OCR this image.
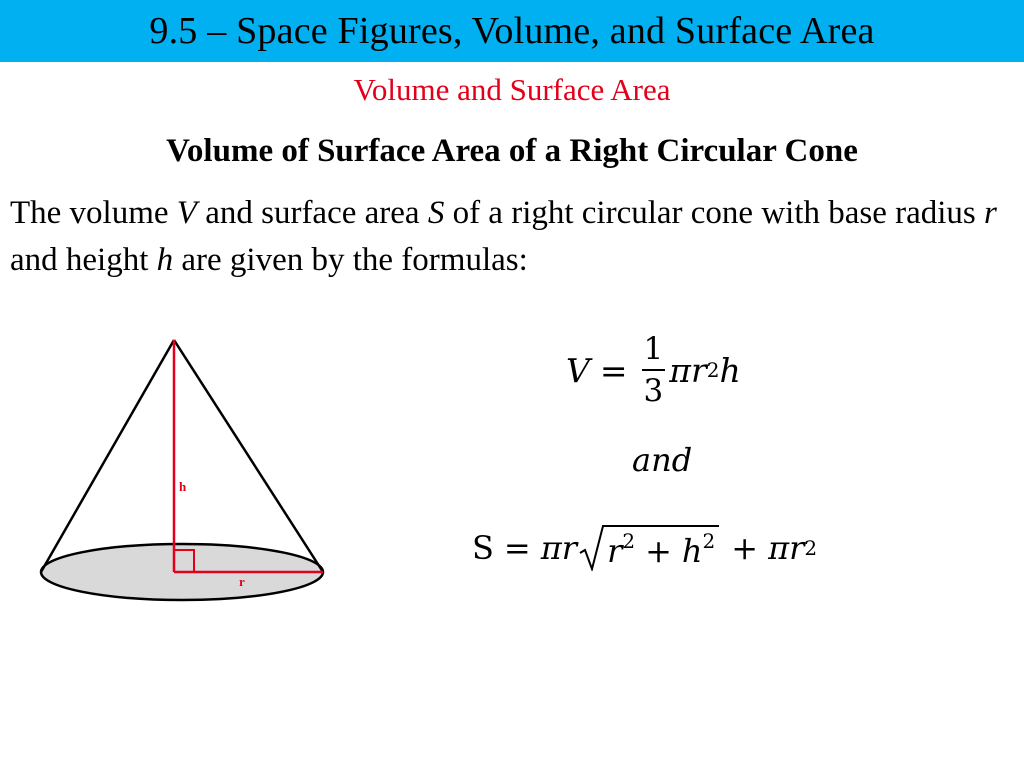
9.5 – Space Figures, Volume, and Surface Area
Volume and Surface Area
Volume of Surface Area of a Right Circular Cone
The volume V and surface area S of a right circular cone with base radius r and height h are given by the formulas:
h
r
$V = \frac{1}{3}$ π r 2 h
and
S = π r $r^2 + h^2 + \pi$ r 2
